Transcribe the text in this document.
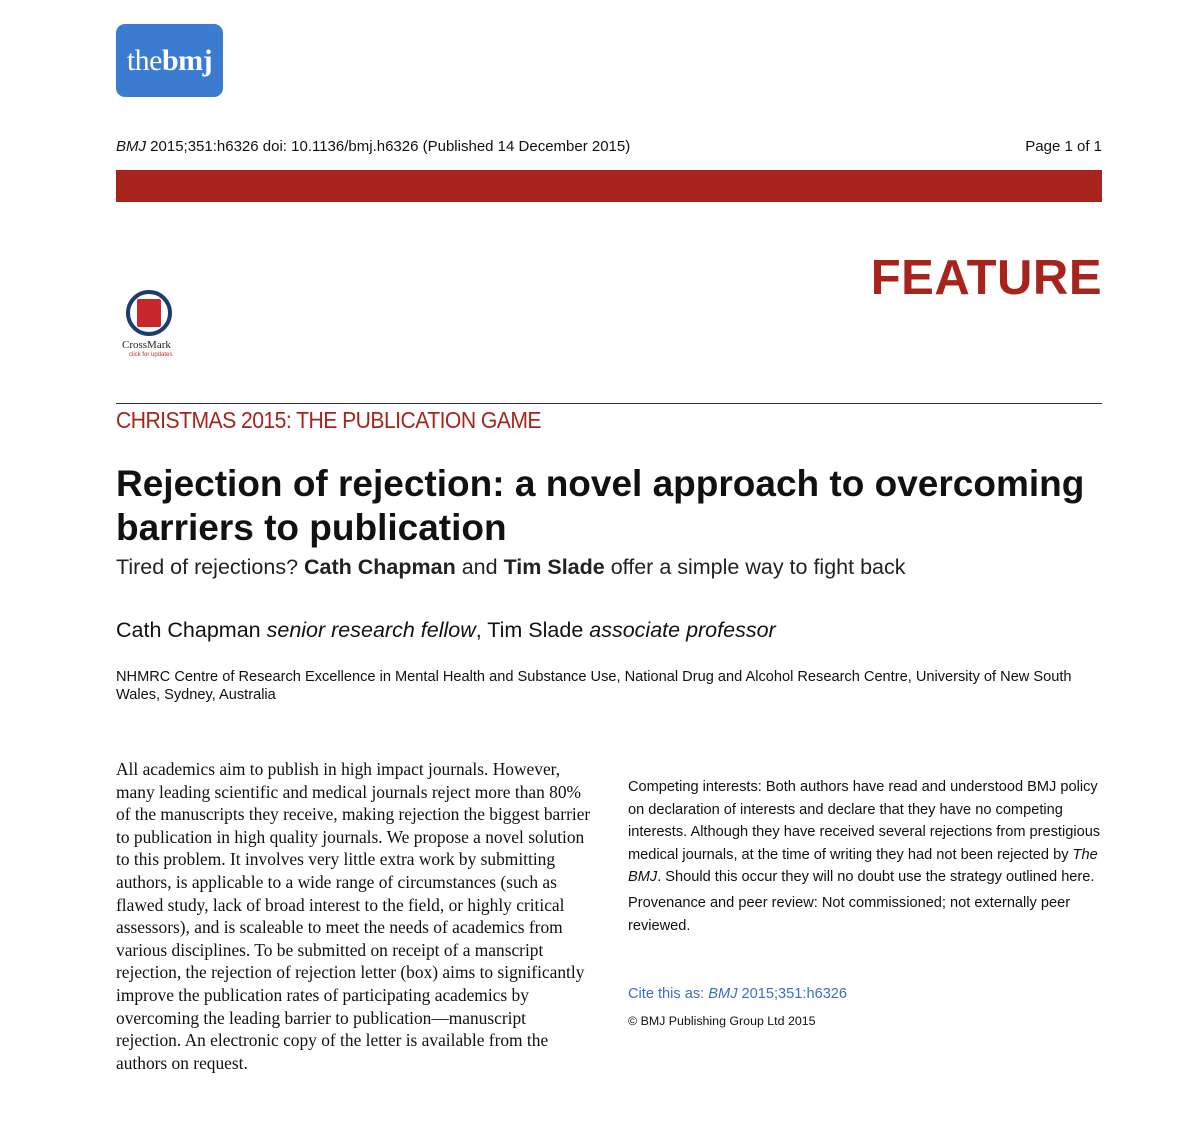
the bmj
BMJ 2015;351:h6326 doi: 10.1136/bmj.h6326 (Published 14 December 2015)	Page 1 of 1
FEATURE
CrossMark
click for updates
CHRISTMAS 2015: THE PUBLICATION GAME
Rejection of rejection: a novel approach to overcoming barriers to publication
Tired of rejections? Cath Chapman and Tim Slade offer a simple way to fight back
Cath Chapman senior research fellow, Tim Slade associate professor
NHMRC Centre of Research Excellence in Mental Health and Substance Use, National Drug and Alcohol Research Centre, University of New South Wales, Sydney, Australia
All academics aim to publish in high impact journals. However, many leading scientific and medical journals reject more than 80% of the manuscripts they receive, making rejection the biggest barrier to publication in high quality journals. We propose a novel solution to this problem. It involves very little extra work by submitting authors, is applicable to a wide range of circumstances (such as flawed study, lack of broad interest to the field, or highly critical assessors), and is scaleable to meet the needs of academics from various disciplines. To be submitted on receipt of a manscript rejection, the rejection of rejection letter (box) aims to significantly improve the publication rates of participating academics by overcoming the leading barrier to publication—manuscript rejection. An electronic copy of the letter is available from the authors on request.

Competing interests: Both authors have read and understood BMJ policy on declaration of interests and declare that they have no competing interests. Although they have received several rejections from prestigious medical journals, at the time of writing they had not been rejected by The BMJ. Should this occur they will no doubt use the strategy outlined here.

Provenance and peer review: Not commissioned; not externally peer reviewed.

Cite this as: BMJ 2015;351:h6326
© BMJ Publishing Group Ltd 2015
